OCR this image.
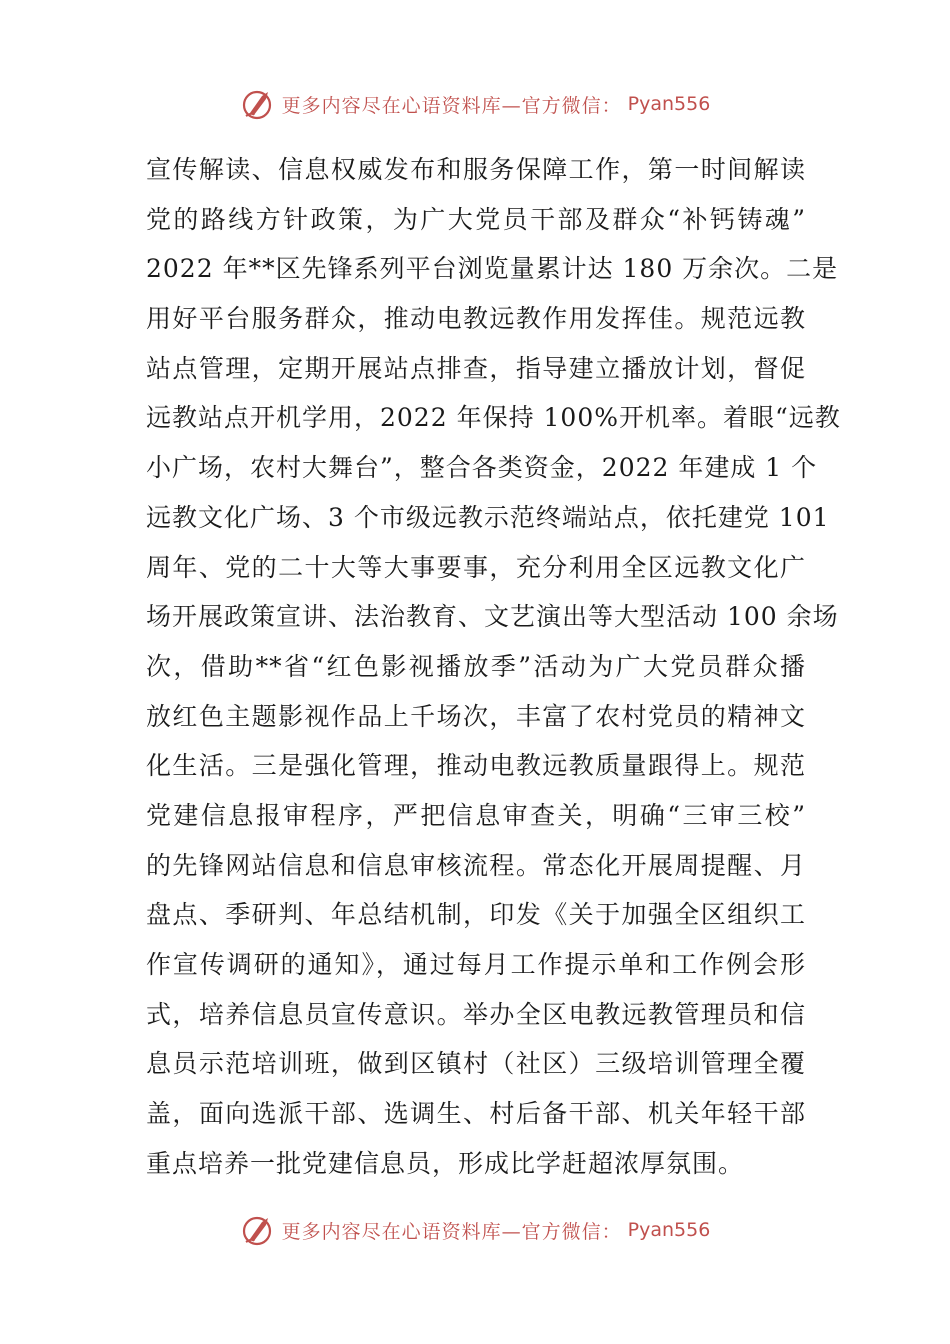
更多内容尽在心语资料库—官方微信： Pyan556
宣传解读、信息权威发布和服务保障工作，第一时间解读
党的路线方针政策，为广大党员干部及群众“补钙铸魂”
2022 年**区先锋系列平台浏览量累计达 180 万余次。二是
用好平台服务群众，推动电教远教作用发挥佳。规范远教
站点管理，定期开展站点排查，指导建立播放计划，督促
远教站点开机学用，2022 年保持 100%开机率。着眼“远教
小广场，农村大舞台”，整合各类资金，2022 年建成 1 个
远教文化广场、3 个市级远教示范终端站点，依托建党 101
周年、党的二十大等大事要事，充分利用全区远教文化广
场开展政策宣讲、法治教育、文艺演出等大型活动 100 余场
次，借助**省“红色影视播放季”活动为广大党员群众播
放红色主题影视作品上千场次，丰富了农村党员的精神文
化生活。三是强化管理，推动电教远教质量跟得上。规范
党建信息报审程序，严把信息审查关，明确“三审三校”
的先锋网站信息和信息审核流程。常态化开展周提醒、月
盘点、季研判、年总结机制，印发《关于加强全区组织工
作宣传调研的通知》，通过每月工作提示单和工作例会形
式，培养信息员宣传意识。举办全区电教远教管理员和信
息员示范培训班，做到区镇村（社区）三级培训管理全覆
盖，面向选派干部、选调生、村后备干部、机关年轻干部
重点培养一批党建信息员，形成比学赶超浓厚氛围。
更多内容尽在心语资料库—官方微信： Pyan556
